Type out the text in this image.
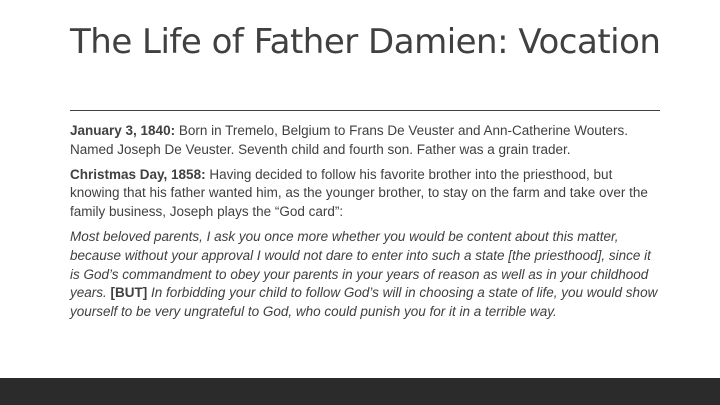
The Life of Father Damien: Vocation

January 3, 1840: Born in Tremelo, Belgium to Frans De Veuster and Ann-Catherine Wouters. Named Joseph De Veuster. Seventh child and fourth son. Father was a grain trader.

Christmas Day, 1858: Having decided to follow his favorite brother into the priesthood, but knowing that his father wanted him, as the younger brother, to stay on the farm and take over the family business, Joseph plays the “God card”:

Most beloved parents, I ask you once more whether you would be content about this matter, because without your approval I would not dare to enter into such a state [the priesthood], since it is God’s commandment to obey your parents in your years of reason as well as in your childhood years. [BUT] In forbidding your child to follow God’s will in choosing a state of life, you would show yourself to be very ungrateful to God, who could punish you for it in a terrible way.
